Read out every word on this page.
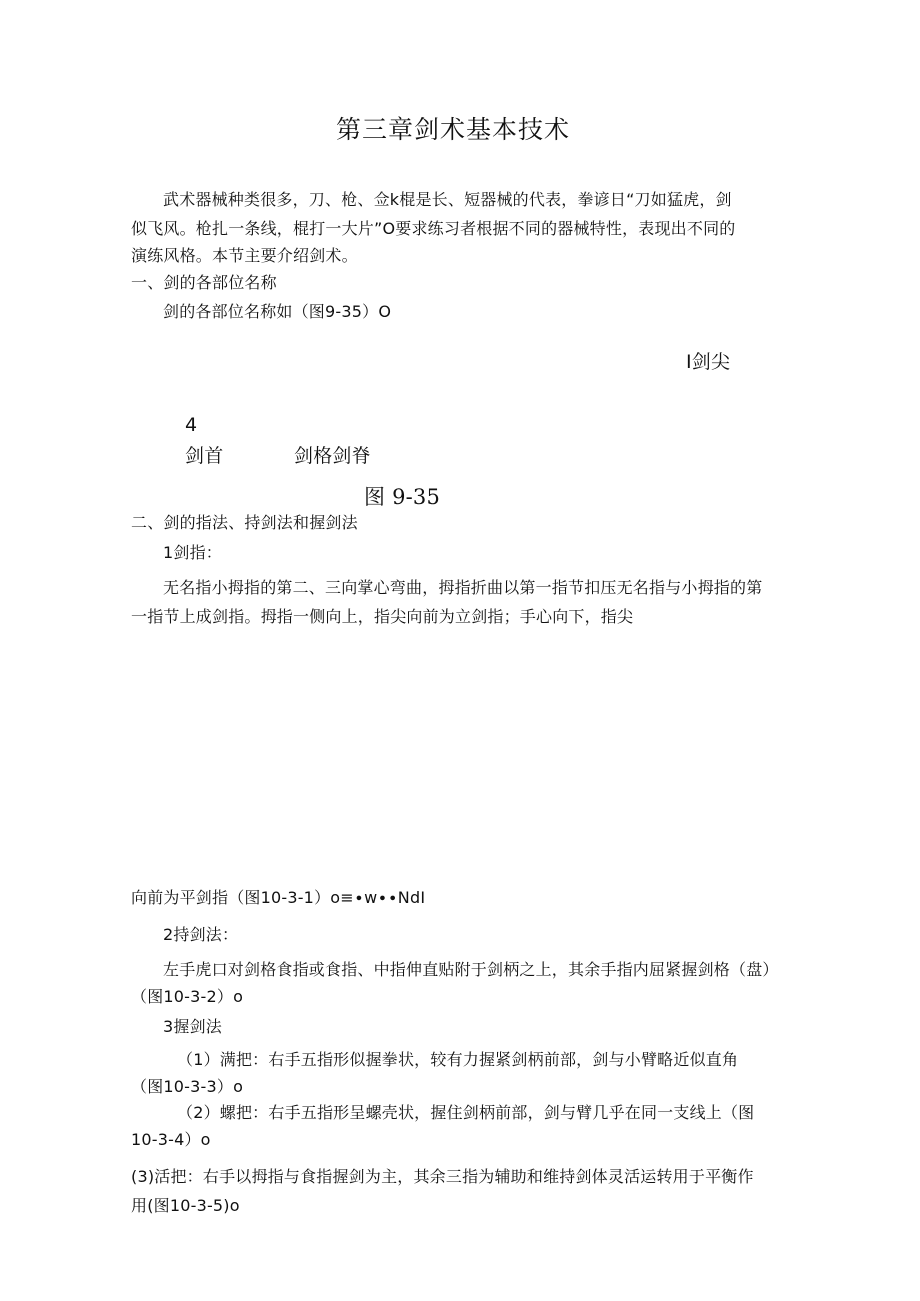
第三章剑术基本技术
武术器械种类很多，刀、枪、佥k棍是长、短器械的代表，拳谚日“刀如猛虎，剑
似飞风。枪扎一条线，棍打一大片”O要求练习者根据不同的器械特性，表现出不同的
演练风格。本节主要介绍剑术。
一、剑的各部位名称
剑的各部位名称如（图9-35）O
I剑尖
4
剑首	剑格剑脊
图 9-35
二、剑的指法、持剑法和握剑法
1剑指：
无名指小拇指的第二、三向掌心弯曲，拇指折曲以第一指节扣压无名指与小拇指的第
一指节上成剑指。拇指一侧向上，指尖向前为立剑指；手心向下，指尖
向前为平剑指（图10-3-1）o≡∙w∙∙NdI
2持剑法：
左手虎口对剑格食指或食指、中指伸直贴附于剑柄之上，其余手指内屈紧握剑格（盘）
（图10-3-2）o
3握剑法
（1）满把：右手五指形似握拳状，较有力握紧剑柄前部，剑与小臂略近似直角
（图10-3-3）o
（2）螺把：右手五指形呈螺壳状，握住剑柄前部，剑与臂几乎在同一支线上（图
10-3-4）o
(3)活把：右手以拇指与食指握剑为主，其余三指为辅助和维持剑体灵活运转用于平衡作
用(图10-3-5)o
